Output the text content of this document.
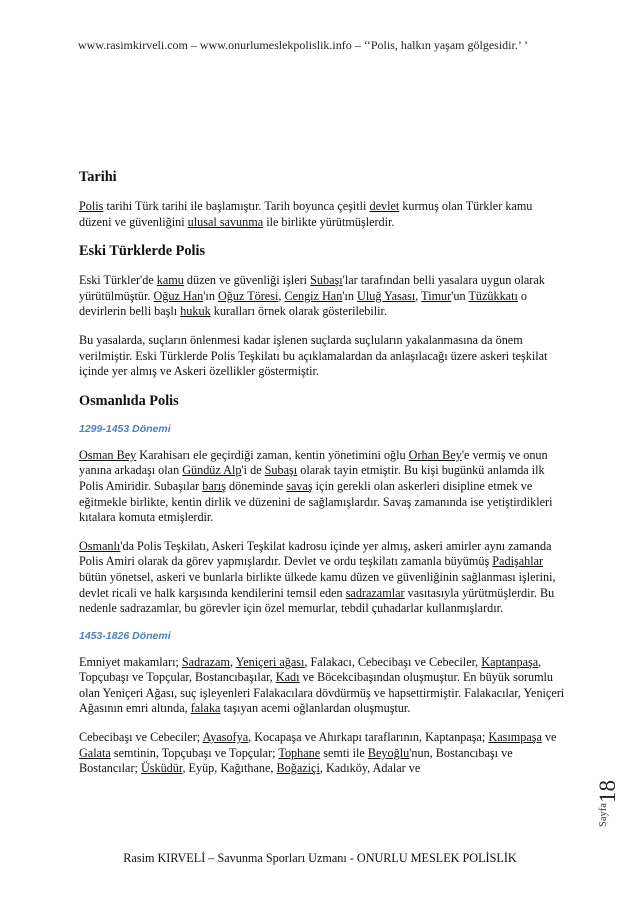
www.rasimkirveli.com – www.onurlumeslekpolislik.info – ‘‘Polis, halkın yaşam gölgesidir.’ ’
Tarihi

Polis tarihi Türk tarihi ile başlamıştır. Tarih boyunca çeşitli devlet kurmuş olan Türkler kamu düzeni ve güvenliğini ulusal savunma ile birlikte yürütmüşlerdir.

Eski Türklerde Polis

Eski Türkler'de kamu düzen ve güvenliği işleri Subaşı'lar tarafından belli yasalara uygun olarak yürütülmüştür. Oğuz Han'ın Oğuz Töresi, Cengiz Han'ın Uluğ Yasası, Timur'un Tüzükkatı o devirlerin belli başlı hukuk kuralları örnek olarak gösterilebilir.

Bu yasalarda, suçların önlenmesi kadar işlenen suçlarda suçluların yakalanmasına da önem verilmiştir. Eski Türklerde Polis Teşkilatı bu açıklamalardan da anlaşılacağı üzere askeri teşkilat içinde yer almış ve Askeri özellikler göstermiştir.

Osmanlıda Polis
1299-1453 Dönemi

Osman Bey Karahisarı ele geçirdiği zaman, kentin yönetimini oğlu Orhan Bey'e vermiş ve onun yanına arkadaşı olan Gündüz Alp'i de Subaşı olarak tayin etmiştir. Bu kişi bugünkü anlamda ilk Polis Amiridir. Subaşılar barış döneminde savaş için gerekli olan askerleri disipline etmek ve eğitmekle birlikte, kentin dirlik ve düzenini de sağlamışlardır. Savaş zamanında ise yetiştirdikleri kıtalara komuta etmişlerdir.

Osmanlı'da Polis Teşkilatı, Askeri Teşkilat kadrosu içinde yer almış, askeri amirler aynı zamanda Polis Amiri olarak da görev yapmışlardır. Devlet ve ordu teşkilatı zamanla büyümüş Padişahlar bütün yönetsel, askeri ve bunlarla birlikte ülkede kamu düzen ve güvenliğinin sağlanması işlerini, devlet ricali ve halk karşısında kendilerini temsil eden sadrazamlar vasıtasıyla yürütmüşlerdir. Bu nedenle sadrazamlar, bu görevler için özel memurlar, tebdil çuhadarlar kullanmışlardır.

1453-1826 Dönemi

Emniyet makamları; Sadrazam, Yeniçeri ağası, Falakacı, Cebecibaşı ve Cebeciler, Kaptanpaşa, Topçubaşı ve Topçular, Bostancıbaşılar, Kadı ve Böcekcibaşından oluşmuştur. En büyük sorumlu olan Yeniçeri Ağası, suç işleyenleri Falakacılara dövdürmüş ve hapsettirmiştir. Falakacılar, Yeniçeri Ağasının emri altında, falaka taşıyan acemi oğlanlardan oluşmuştur.

Cebecibaşı ve Cebeciler; Ayasofya, Kocapaşa ve Ahırkapı taraflarının, Kaptanpaşa; Kasımpaşa ve Galata semtinin, Topçubaşı ve Topçular; Tophane semti ile Beyoğlu'nun, Bostancıbaşı ve Bostancılar; Üsküdür, Eyüp, Kağıthane, Boğaziçi, Kadıköy, Adalar ve

Sayfa
18
Rasim KIRVELİ – Savunma Sporları Uzmanı - ONURLU MESLEK POLİSLİK
